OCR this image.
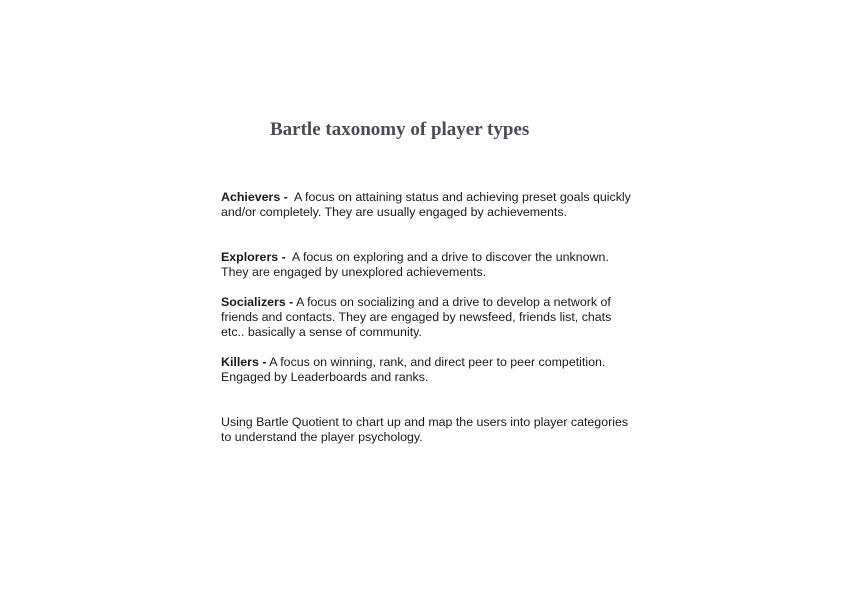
Bartle taxonomy of player types

Achievers -  A focus on attaining status and achieving preset goals quickly and/or completely. They are usually engaged by achievements.

Explorers -  A focus on exploring and a drive to discover the unknown. They are engaged by unexplored achievements.

Socializers - A focus on socializing and a drive to develop a network of friends and contacts. They are engaged by newsfeed, friends list, chats etc.. basically a sense of community.

Killers - A focus on winning, rank, and direct peer to peer competition. Engaged by Leaderboards and ranks.

Using Bartle Quotient to chart up and map the users into player categories to understand the player psychology.
